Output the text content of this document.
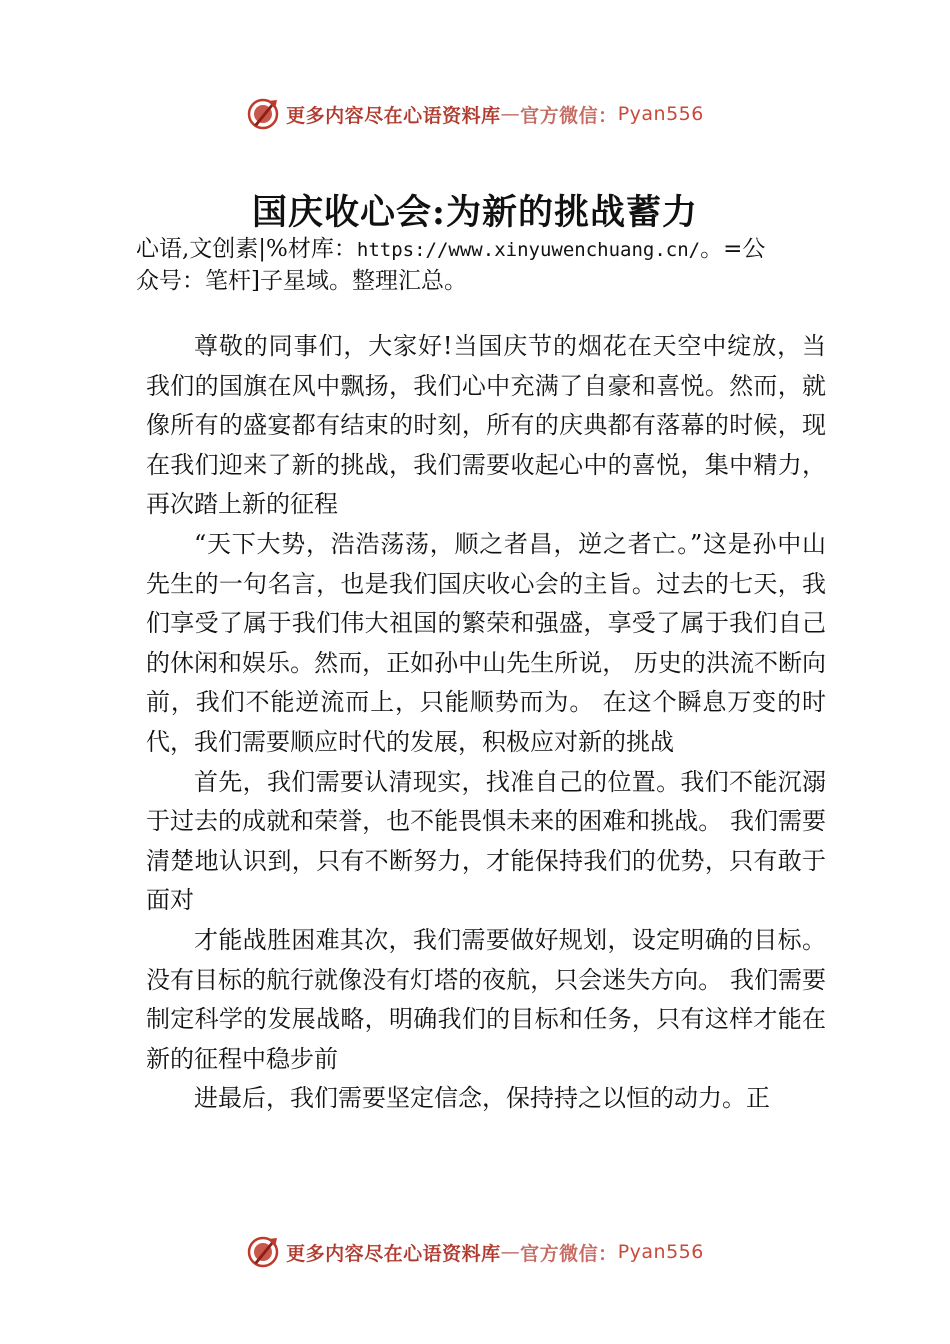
更多内容尽在心语资料库 — 官方微信： Pyan556
国庆收心会:为新的挑战蓄力
心语,文创素|%材库：https://www.xinyuwenchuang.cn/。=公
众号：笔杆]子星域。整理汇总。

尊敬的同事们，大家好!当国庆节的烟花在天空中绽放，当我们的国旗在风中飘扬，我们心中充满了自豪和喜悦。然而，就像所有的盛宴都有结束的时刻，所有的庆典都有落幕的时候，现在我们迎来了新的挑战，我们需要收起心中的喜悦，集中精力，再次踏上新的征程

“天下大势，浩浩荡荡，顺之者昌，逆之者亡。”这是孙中山先生的一句名言，也是我们国庆收心会的主旨。过去的七天，我们享受了属于我们伟大祖国的繁荣和强盛，享受了属于我们自己的休闲和娱乐。然而，正如孙中山先生所说， 历史的洪流不断向前，我们不能逆流而上，只能顺势而为。 在这个瞬息万变的时代，我们需要顺应时代的发展，积极应对新的挑战

首先，我们需要认清现实，找准自己的位置。我们不能沉溺于过去的成就和荣誉，也不能畏惧未来的困难和挑战。 我们需要清楚地认识到，只有不断努力，才能保持我们的优势，只有敢于面对

才能战胜困难其次，我们需要做好规划，设定明确的目标。没有目标的航行就像没有灯塔的夜航，只会迷失方向。 我们需要制定科学的发展战略，明确我们的目标和任务，只有这样才能在新的征程中稳步前

进最后，我们需要坚定信念，保持持之以恒的动力。正

更多内容尽在心语资料库 — 官方微信： Pyan556
